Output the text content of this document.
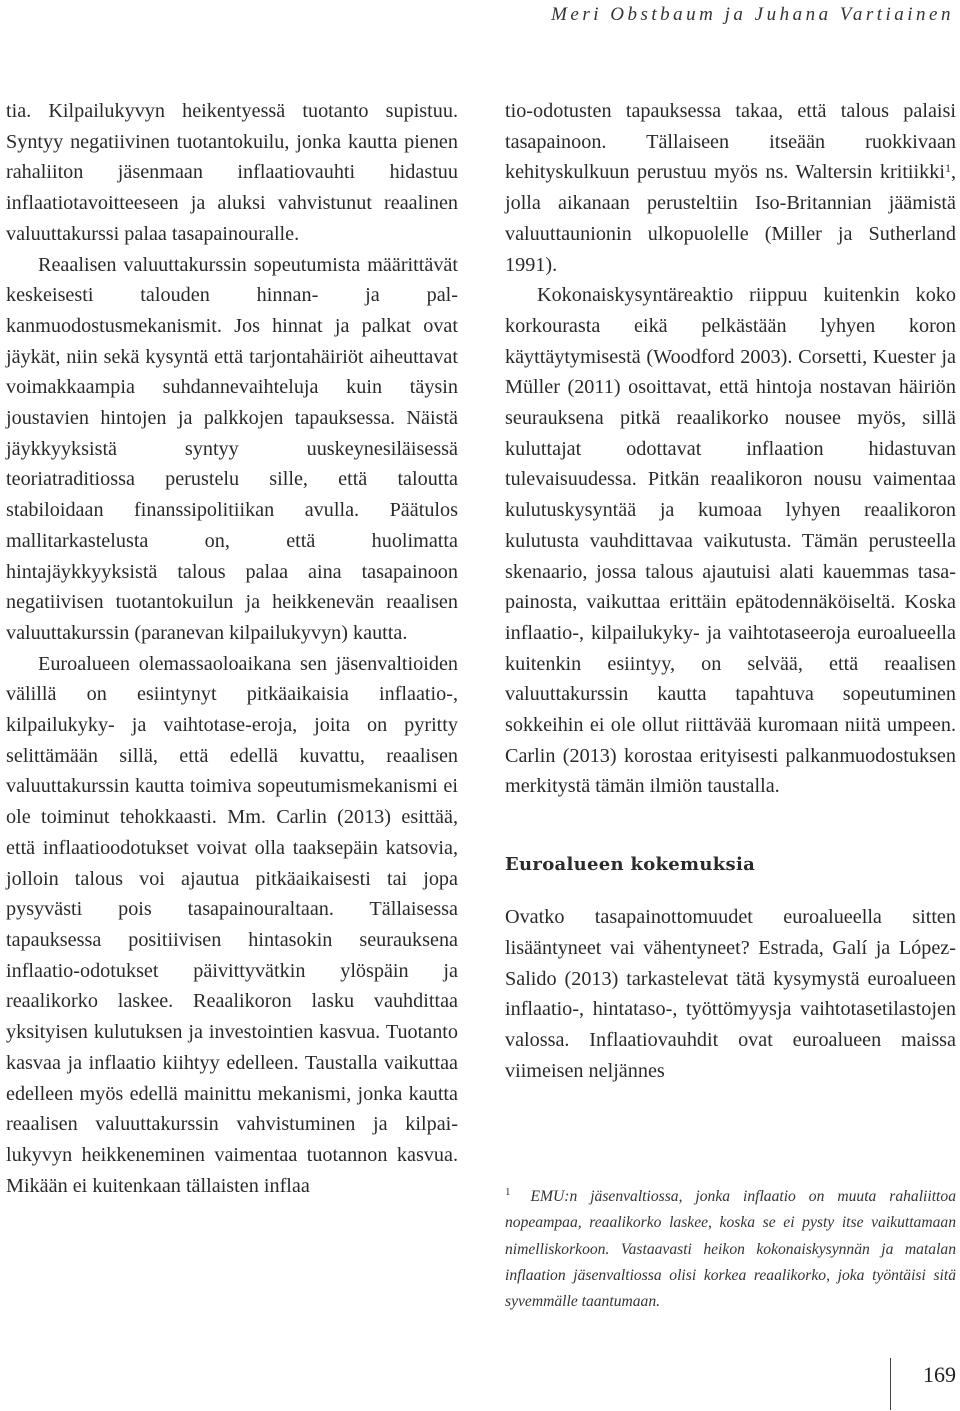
Meri Obstbaum ja Juhana Vartiainen

tia. Kilpailukyvyn heikentyessä tuotanto supistuu. Syntyy negatiivinen tuotantokuilu, jonka kautta pienen rahaliiton jäsenmaan inflaatiovauhti hidastuu inflaatiotavoitteeseen ja aluksi vahvistunut reaalinen valuuttakurssi palaa tasapainouralle.

Reaalisen valuuttakurssin sopeutumista määrittävät keskeisesti talouden hinnan- ja palkanmuodostusmekanismit. Jos hinnat ja palkat ovat jäykät, niin sekä kysyntä että tarjontahäiriöt aiheuttavat voimakkaampia suhdannevaihteluja kuin täysin joustavien hintojen ja palkkojen tapauksessa. Näistä jäykkyyksistä syntyy uuskeynesiläisessä teoriatraditiossa perustelu sille, että taloutta stabiloidaan finanssipolitiikan avulla. Päätulos mallitarkastelusta on, että huolimatta hintajäykkyyksistä talous palaa aina tasapainoon negatiivisen tuotantokuilun ja heikkenevän reaalisen valuuttakurssin (paranevan kilpailukyvyn) kautta.

Euroalueen olemassaoloaikana sen jäsenvaltioiden välillä on esiintynyt pitkäaikaisia inflaatio-, kilpailukyky- ja vaihtotase-eroja, joita on pyritty selittämään sillä, että edellä kuvattu, reaalisen valuuttakurssin kautta toimiva sopeutumismekanismi ei ole toiminut tehokkaasti. Mm. Carlin (2013) esittää, että inflaatioodotukset voivat olla taaksepäin katsovia, jolloin talous voi ajautua pitkäaikaisesti tai jopa pysyvästi pois tasapainouraltaan. Tällaisessa tapauksessa positiivisen hintasokin seurauksena inflaatio-odotukset päivittyvätkin ylöspäin ja reaalikorko laskee. Reaalikoron lasku vauhdittaa yksityisen kulutuksen ja investointien kasvua. Tuotanto kasvaa ja inflaatio kiihtyy edelleen. Taustalla vaikuttaa edelleen myös edellä mainittu mekanismi, jonka kautta reaalisen valuuttakurssin vahvistuminen ja kilpailukyvyn heikkeneminen vaimentaa tuotannon kasvua. Mikään ei kuitenkaan tällaisten inflaa

tio-odotusten tapauksessa takaa, että talous palaisi tasapainoon. Tällaiseen itseään ruokkivaan kehityskulkuun perustuu myös ns. Waltersin kritiikki$^1$, jolla aikanaan perusteltiin Iso-Britannian jäämistä valuuttaunionin ulkopuolelle (Miller ja Sutherland 1991).

Kokonaiskysyntäreaktio riippuu kuitenkin koko korkourasta eikä pelkästään lyhyen koron käyttäytymisestä (Woodford 2003). Corsetti, Kuester ja Müller (2011) osoittavat, että hintoja nostavan häiriön seurauksena pitkä reaalikorko nousee myös, sillä kuluttajat odottavat inflaation hidastuvan tulevaisuudessa. Pitkän reaalikoron nousu vaimentaa kulutuskysyntää ja kumoaa lyhyen reaalikoron kulutusta vauhdittavaa vaikutusta. Tämän perusteella skenaario, jossa talous ajautuisi alati kauemmas tasapainosta, vaikuttaa erittäin epätodennäköiseltä. Koska inflaatio-, kilpailukyky- ja vaihtotaseeroja euroalueella kuitenkin esiintyy, on selvää, että reaalisen valuuttakurssin kautta tapahtuva sopeutuminen sokkeihin ei ole ollut riittävää kuromaan niitä umpeen. Carlin (2013) korostaa erityisesti palkanmuodostuksen merkitystä tämän ilmiön taustalla.

Euroalueen kokemuksia

Ovatko tasapainottomuudet euroalueella sitten lisääntyneet vai vähentyneet? Estrada, Galí ja López-Salido (2013) tarkastelevat tätä kysymystä euroalueen inflaatio-, hintataso-, työttömyysja vaihtotasetilastojen valossa. Inflaatiovauhdit ovat euroalueen maissa viimeisen neljännes

$^1$ EMU:n jäsenvaltiossa, jonka inflaatio on muuta rahaliittoa nopeampaa, reaalikorko laskee, koska se ei pysty itse vaikuttamaan nimelliskorkoon. Vastaavasti heikon kokonaiskysynnän ja matalan inflaation jäsenvaltiossa olisi korkea reaalikorko, joka työntäisi sitä syvemmälle taantumaan.
169
